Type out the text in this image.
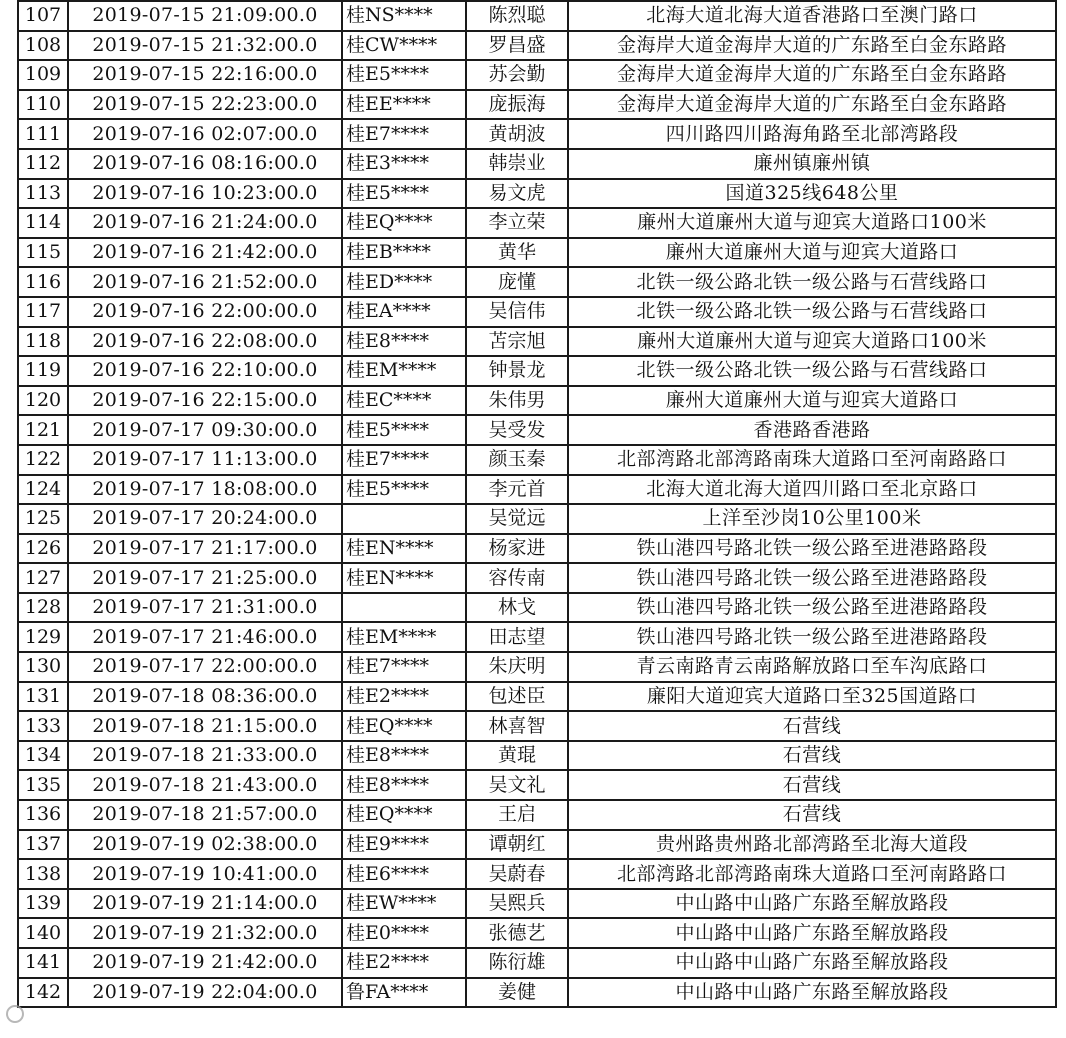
107	2019-07-15 21:09:00.0	桂NS****	陈烈聪	北海大道北海大道香港路口至澳门路口
108	2019-07-15 21:32:00.0	桂CW****	罗昌盛	金海岸大道金海岸大道的广东路至白金东路路
109	2019-07-15 22:16:00.0	桂E5****	苏会勤	金海岸大道金海岸大道的广东路至白金东路路
110	2019-07-15 22:23:00.0	桂EE****	庞振海	金海岸大道金海岸大道的广东路至白金东路路
111	2019-07-16 02:07:00.0	桂E7****	黄胡波	四川路四川路海角路至北部湾路段
112	2019-07-16 08:16:00.0	桂E3****	韩崇业	廉州镇廉州镇
113	2019-07-16 10:23:00.0	桂E5****	易文虎	国道325线648公里
114	2019-07-16 21:24:00.0	桂EQ****	李立荣	廉州大道廉州大道与迎宾大道路口100米
115	2019-07-16 21:42:00.0	桂EB****	黄华	廉州大道廉州大道与迎宾大道路口
116	2019-07-16 21:52:00.0	桂ED****	庞懂	北铁一级公路北铁一级公路与石营线路口
117	2019-07-16 22:00:00.0	桂EA****	吴信伟	北铁一级公路北铁一级公路与石营线路口
118	2019-07-16 22:08:00.0	桂E8****	苫宗旭	廉州大道廉州大道与迎宾大道路口100米
119	2019-07-16 22:10:00.0	桂EM****	钟景龙	北铁一级公路北铁一级公路与石营线路口
120	2019-07-16 22:15:00.0	桂EC****	朱伟男	廉州大道廉州大道与迎宾大道路口
121	2019-07-17 09:30:00.0	桂E5****	吴受发	香港路香港路
122	2019-07-17 11:13:00.0	桂E7****	颜玉秦	北部湾路北部湾路南珠大道路口至河南路路口
124	2019-07-17 18:08:00.0	桂E5****	李元首	北海大道北海大道四川路口至北京路口
125	2019-07-17 20:24:00.0		吴觉远	上洋至沙岗10公里100米
126	2019-07-17 21:17:00.0	桂EN****	杨家进	铁山港四号路北铁一级公路至进港路路段
127	2019-07-17 21:25:00.0	桂EN****	容传南	铁山港四号路北铁一级公路至进港路路段
128	2019-07-17 21:31:00.0		林戈	铁山港四号路北铁一级公路至进港路路段
129	2019-07-17 21:46:00.0	桂EM****	田志望	铁山港四号路北铁一级公路至进港路路段
130	2019-07-17 22:00:00.0	桂E7****	朱庆明	青云南路青云南路解放路口至车沟底路口
131	2019-07-18 08:36:00.0	桂E2****	包述臣	廉阳大道迎宾大道路口至325国道路口
133	2019-07-18 21:15:00.0	桂EQ****	林喜智	石营线
134	2019-07-18 21:33:00.0	桂E8****	黄琨	石营线
135	2019-07-18 21:43:00.0	桂E8****	吴文礼	石营线
136	2019-07-18 21:57:00.0	桂EQ****	王启	石营线
137	2019-07-19 02:38:00.0	桂E9****	谭朝红	贵州路贵州路北部湾路至北海大道段
138	2019-07-19 10:41:00.0	桂E6****	吴蔚春	北部湾路北部湾路南珠大道路口至河南路路口
139	2019-07-19 21:14:00.0	桂EW****	吴熙兵	中山路中山路广东路至解放路段
140	2019-07-19 21:32:00.0	桂E0****	张德艺	中山路中山路广东路至解放路段
141	2019-07-19 21:42:00.0	桂E2****	陈衍雄	中山路中山路广东路至解放路段
142	2019-07-19 22:04:00.0	鲁FA****	姜健	中山路中山路广东路至解放路段
